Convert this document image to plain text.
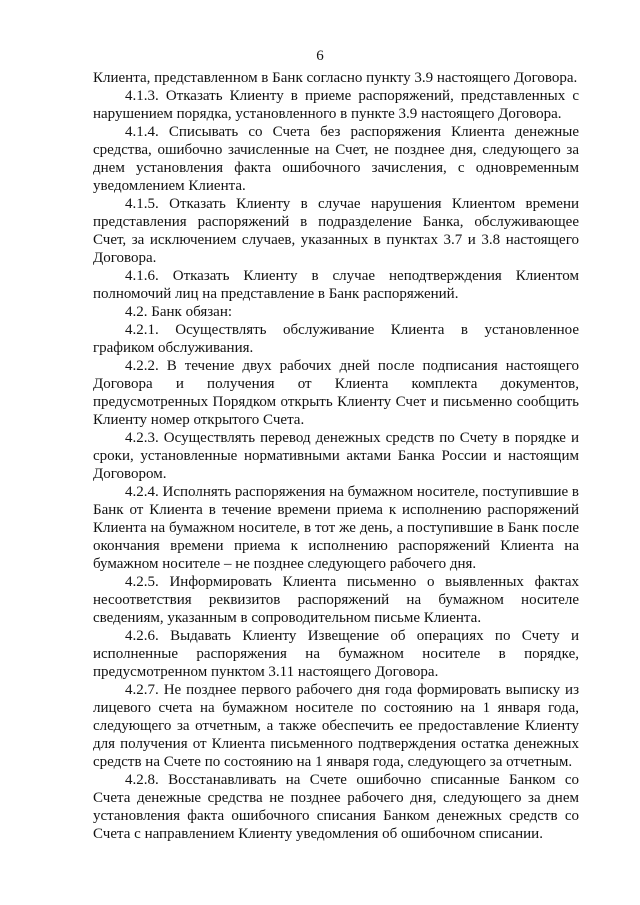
6

Клиента, представленном в Банк согласно пункту 3.9 настоящего Договора.

4.1.3. Отказать Клиенту в приеме распоряжений, представленных с нарушением порядка, установленного в пункте 3.9 настоящего Договора.

4.1.4. Списывать со Счета без распоряжения Клиента денежные средства, ошибочно зачисленные на Счет, не позднее дня, следующего за днем установления факта ошибочного зачисления, с одновременным уведомлением Клиента.

4.1.5. Отказать Клиенту в случае нарушения Клиентом времени представления распоряжений в подразделение Банка, обслуживающее Счет, за исключением случаев, указанных в пунктах 3.7 и 3.8 настоящего Договора.

4.1.6. Отказать Клиенту в случае неподтверждения Клиентом полномочий лиц на представление в Банк распоряжений.

4.2. Банк обязан:

4.2.1. Осуществлять обслуживание Клиента в установленное графиком обслуживания.

4.2.2. В течение двух рабочих дней после подписания настоящего Договора и получения от Клиента комплекта документов, предусмотренных Порядком открыть Клиенту Счет и письменно сообщить Клиенту номер открытого Счета.

4.2.3. Осуществлять перевод денежных средств по Счету в порядке и сроки, установленные нормативными актами Банка России и настоящим Договором.

4.2.4. Исполнять распоряжения на бумажном носителе, поступившие в Банк от Клиента в течение времени приема к исполнению распоряжений Клиента на бумажном носителе, в тот же день, а поступившие в Банк после окончания времени приема к исполнению распоряжений Клиента на бумажном носителе – не позднее следующего рабочего дня.

4.2.5. Информировать Клиента письменно о выявленных фактах несоответствия реквизитов распоряжений на бумажном носителе сведениям, указанным в сопроводительном письме Клиента.

4.2.6. Выдавать Клиенту Извещение об операциях по Счету и исполненные распоряжения на бумажном носителе в порядке, предусмотренном пунктом 3.11 настоящего Договора.

4.2.7. Не позднее первого рабочего дня года формировать выписку из лицевого счета на бумажном носителе по состоянию на 1 января года, следующего за отчетным, а также обеспечить ее предоставление Клиенту для получения от Клиента письменного подтверждения остатка денежных средств на Счете по состоянию на 1 января года, следующего за отчетным.

4.2.8. Восстанавливать на Счете ошибочно списанные Банком со Счета денежные средства не позднее рабочего дня, следующего за днем установления факта ошибочного списания Банком денежных средств со Счета с направлением Клиенту уведомления об ошибочном списании.
